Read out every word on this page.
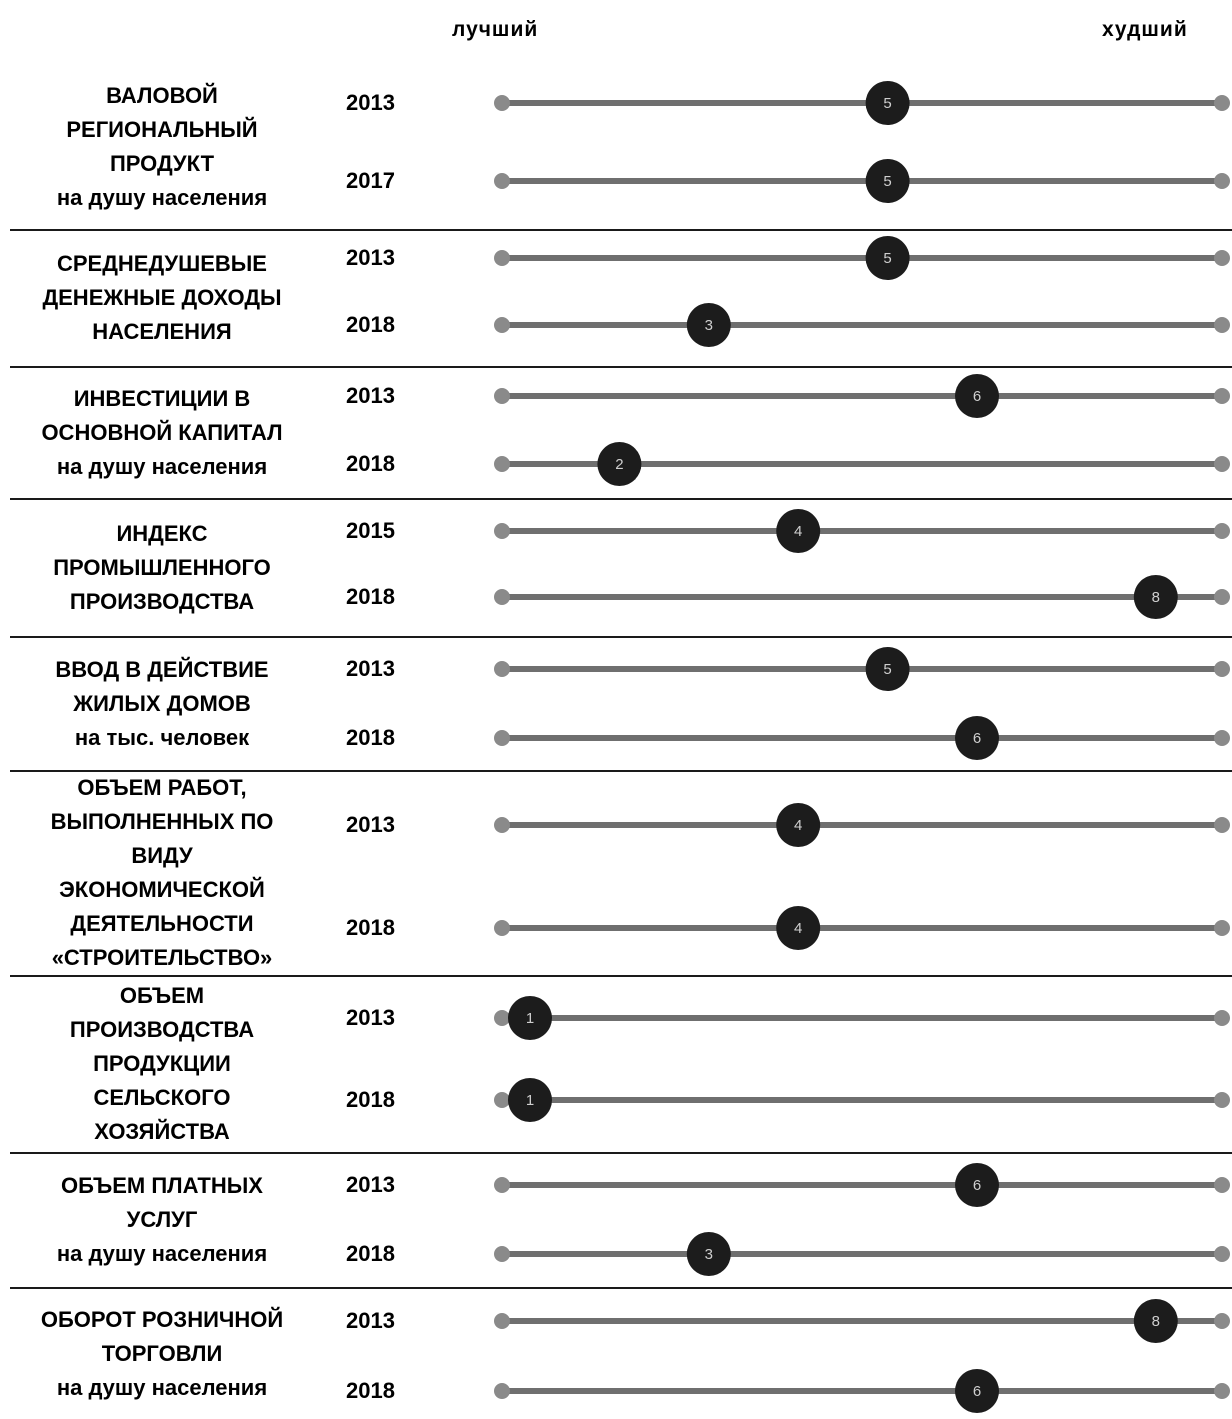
лучший	худший
ВАЛОВОЙ
РЕГИОНАЛЬНЫЙ
ПРОДУКТ
на душу населения
2013
2017
СРЕДНЕДУШЕВЫЕ
ДЕНЕЖНЫЕ ДОХОДЫ
НАСЕЛЕНИЯ
2013
2018
ИНВЕСТИЦИИ В
ОСНОВНОЙ КАПИТАЛ
на душу населения
2013
2018
ИНДЕКС
ПРОМЫШЛЕННОГО
ПРОИЗВОДСТВА
2015
2018
ВВОД В ДЕЙСТВИЕ
ЖИЛЫХ ДОМОВ
на тыс. человек
2013
2018
ОБЪЕМ РАБОТ,
ВЫПОЛНЕННЫХ ПО
ВИДУ
ЭКОНОМИЧЕСКОЙ
ДЕЯТЕЛЬНОСТИ
«СТРОИТЕЛЬСТВО»
2013
2018
ОБЪЕМ
ПРОИЗВОДСТВА
ПРОДУКЦИИ
СЕЛЬСКОГО
ХОЗЯЙСТВА
2013
2018
ОБЪЕМ ПЛАТНЫХ
УСЛУГ
на душу населения
2013
2018
ОБОРОТ РОЗНИЧНОЙ
ТОРГОВЛИ
на душу населения
2013
2018
5
5
5
3
6
2
4
8
5
6
4
4
1
1
6
3
8
6
